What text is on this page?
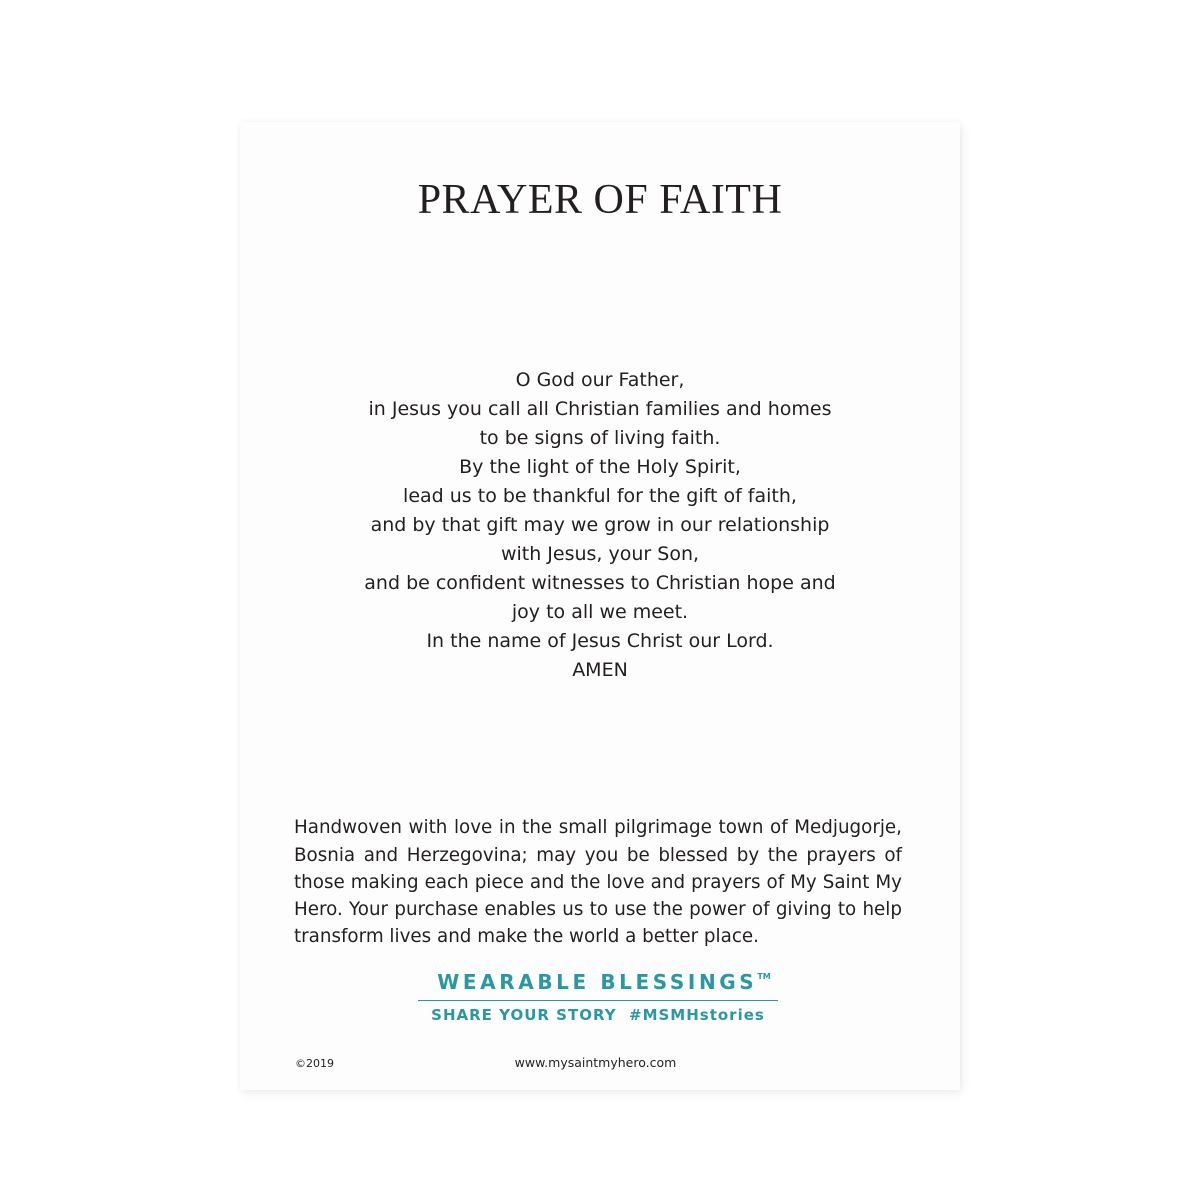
PRAYER OF FAITH
O God our Father,
in Jesus you call all Christian families and homes
to be signs of living faith.
By the light of the Holy Spirit,
lead us to be thankful for the gift of faith,
and by that gift may we grow in our relationship
with Jesus, your Son,
and be confident witnesses to Christian hope and
joy to all we meet.
In the name of Jesus Christ our Lord.
AMEN

Handwoven with love in the small pilgrimage town of Medjugorje, Bosnia and Herzegovina; may you be blessed by the prayers of those making each piece and the love and prayers of My Saint My Hero. Your purchase enables us to use the power of giving to help transform lives and make the world a better place.

WEARABLE BLESSINGS™
SHARE YOUR STORY  #MSMHstories
©2019	www.mysaintmyhero.com
